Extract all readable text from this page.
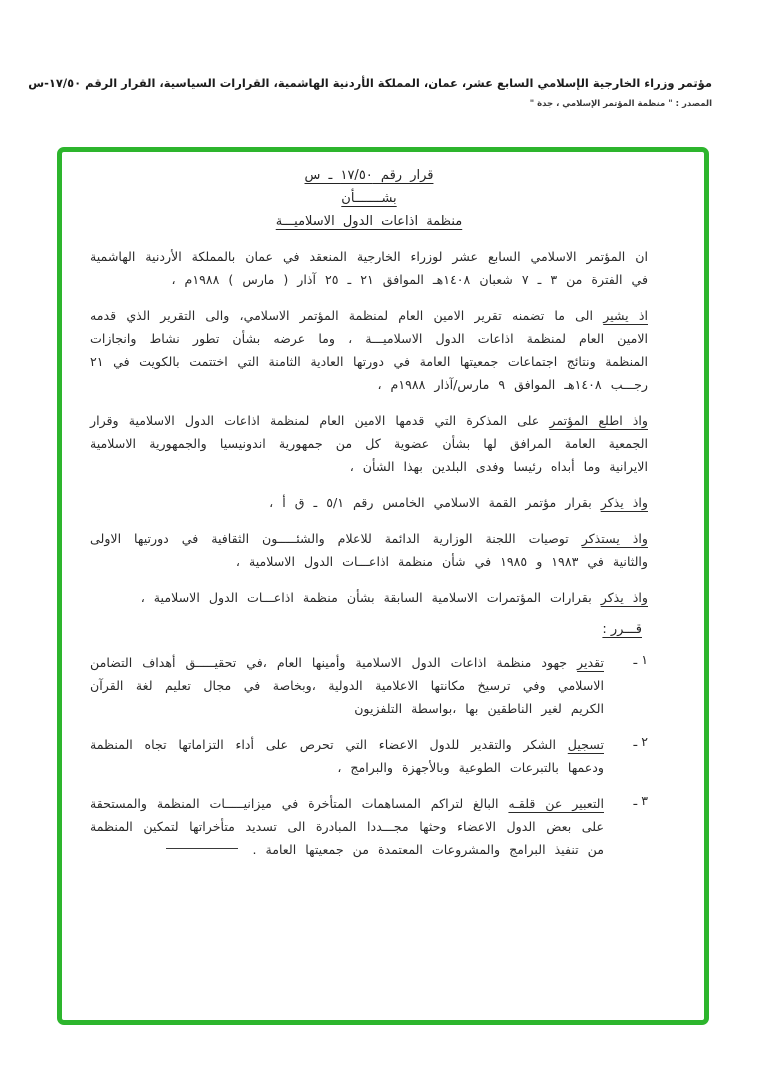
مؤتمر وزراء الخارجية الإسلامي السابع عشر، عمان، المملكة الأردنية الهاشمية، القرارات السياسية، القرار الرقم ١٧/٥٠-س
المصدر : " منظمة المؤتمر الإسلامي ، جدة "
قرار رقم ١٧/٥٠ ـ س
بشـــــــأن
منظمة اذاعات الدول الاسلاميـــة

ان المؤتمر الاسلامي السابع عشر لوزراء الخارجية المنعقد في عمان بالمملكة الأردنية الهاشمية في الفترة من ٣ ـ ٧ شعبان ١٤٠٨هـ الموافق ٢١ ـ ٢٥ آذار ( مارس ) ١٩٨٨م ،

اذ يشير الى ما تضمنه تقرير الامين العام لمنظمة المؤتمر الاسلامي، والى التقرير الذي قدمه الامين العام لمنظمة اذاعات الدول الاسلاميـــة ، وما عرضه بشأن تطور نشاط وانجازات المنظمة ونتائج اجتماعات جمعيتها العامة في دورتها العادية الثامنة التي اختتمت بالكويت في ٢١ رجـــب ١٤٠٨هـ الموافق ٩ مارس/آذار ١٩٨٨م ،

واذ اطلع المؤتمر على المذكرة التي قدمها الامين العام لمنظمة اذاعات الدول الاسلامية وقرار الجمعية العامة المرافق لها بشأن عضوية كل من جمهورية اندونيسيا والجمهورية الاسلامية الايرانية وما أبداه رئيسا وفدى البلدين بهذا الشأن ،

واذ يذكر بقرار مؤتمر القمة الاسلامي الخامس رقم ٥/١ ـ ق أ ،

واذ يستذكر توصيات اللجنة الوزارية الدائمة للاعلام والشئـــــون الثقافية في دورتيها الاولى والثانية في ١٩٨٣ و ١٩٨٥ في شأن منظمة اذاعـــات الدول الاسلامية ،

واذ يذكر بقرارات المؤتمرات الاسلامية السابقة بشأن منظمة اذاعـــات الدول الاسلامية ،

قـــرر :
١ ـ

تقدير جهود منظمة اذاعات الدول الاسلامية وأمينها العام ،في تحقيـــــق أهداف التضامن الاسلامي وفي ترسيخ مكانتها الاعلامية الدولية ،وبخاصة في مجال تعليم لغة القرآن الكريم لغير الناطقين بها ،بواسطة التلفزيون

٢ ـ

تسجيل الشكر والتقدير للدول الاعضاء التي تحرص على أداء التزاماتها تجاه المنظمة ودعمها بالتبرعات الطوعية وبالأجهزة والبرامج ،

٣ ـ

التعبير عن قلقـه البالغ لتراكم المساهمات المتأخرة في ميزانيـــــات المنظمة والمستحقة على بعض الدول الاعضاء وحثها مجـــددا المبادرة الى تسديد متأخراتها لتمكين المنظمة من تنفيذ البرامج والمشروعات المعتمدة من جمعيتها العامة .
